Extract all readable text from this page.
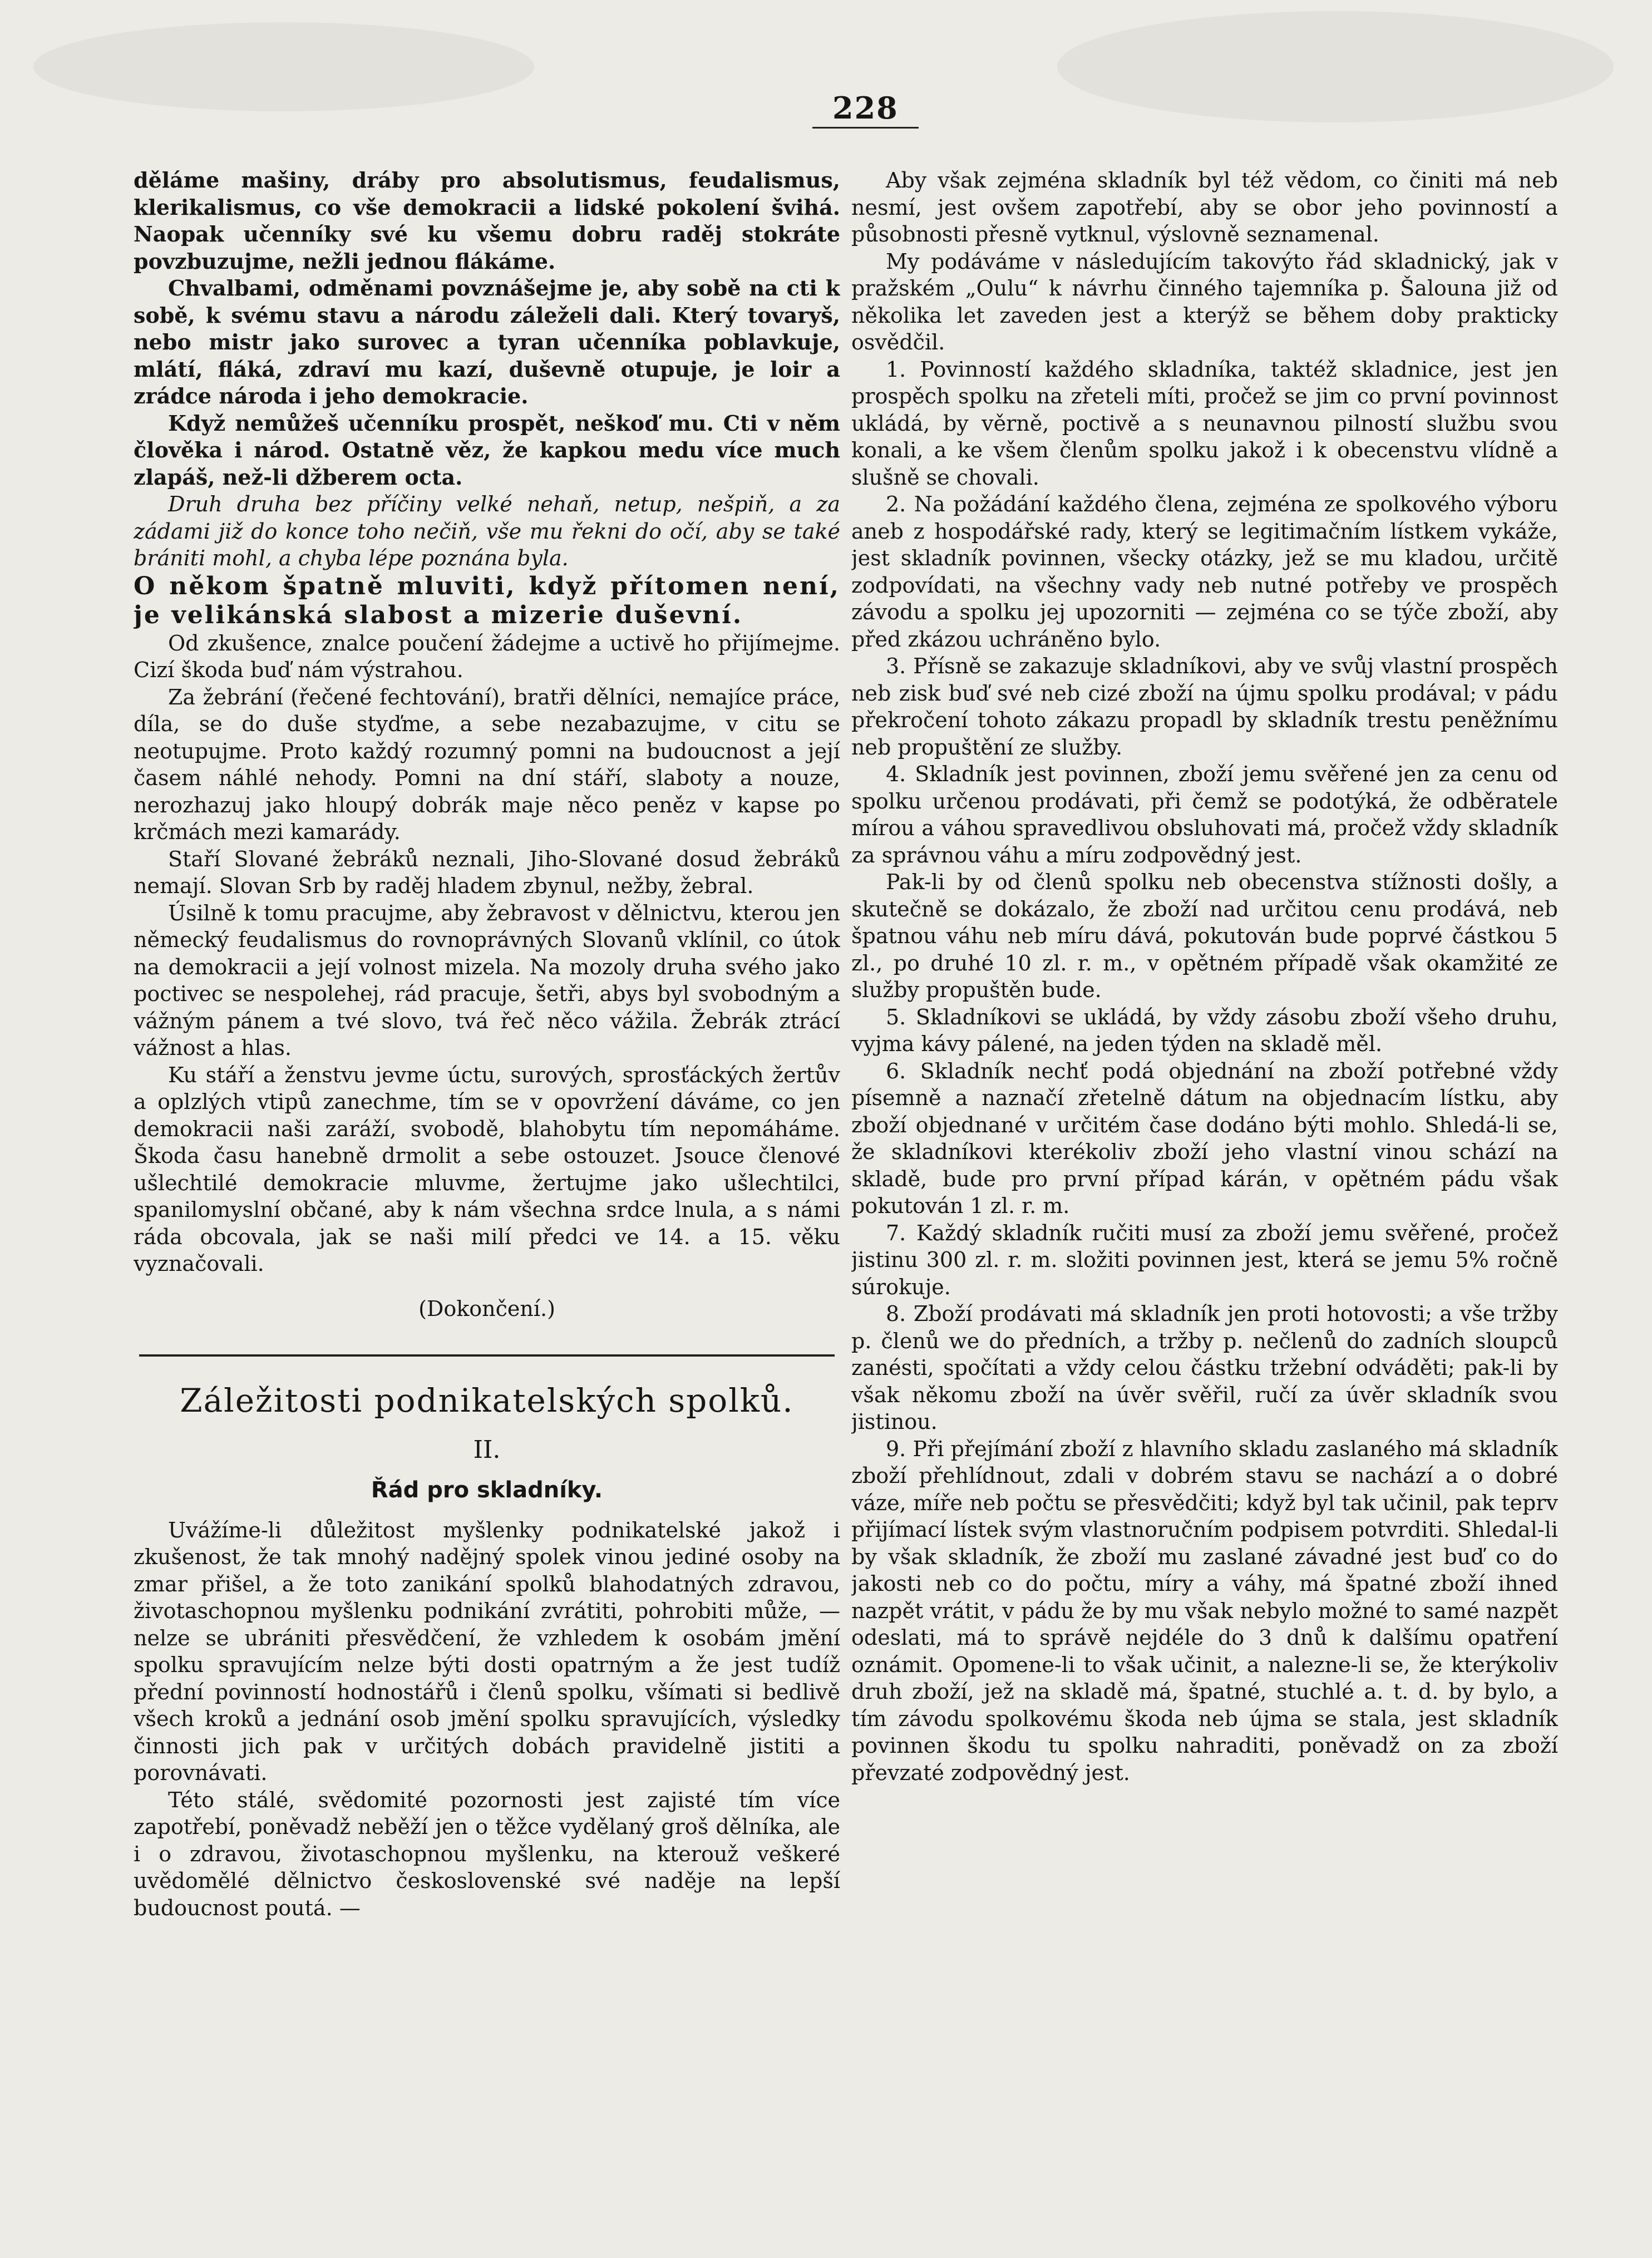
228

děláme mašiny, dráby pro absolutismus, feudalismus, klerikalismus, co vše demokracii a lidské pokolení švihá. Naopak učenníky své ku všemu dobru raděj stokráte povzbuzujme, nežli jednou flákáme.

Chvalbami, odměnami povznášejme je, aby sobě na cti k sobě, k svému stavu a národu záleželi dali. Který tovaryš, nebo mistr jako surovec a tyran učenníka poblavkuje, mlátí, fláká, zdraví mu kazí, duševně otupuje, je loir a zrádce národa i jeho demokracie.

Když nemůžeš učenníku prospět, neškoď mu. Cti v něm člověka i národ. Ostatně věz, že kapkou medu více much zlapáš, než-li džberem octa.

Druh druha bez příčiny velké nehaň, netup, nešpiň, a za zádami již do konce toho nečiň, vše mu řekni do očí, aby se také brániti mohl, a chyba lépe poznána byla.

O někom špatně mluviti, když přítomen není, je velikánská slabost a mizerie duševní.

Od zkušence, znalce poučení žádejme a uctivě ho přijímejme. Cizí škoda buď nám výstrahou.

Za žebrání (řečené fechtování), bratři dělníci, nemajíce práce, díla, se do duše styďme, a sebe nezabazujme, v citu se neotupujme. Proto každý rozumný pomni na budoucnost a její časem náhlé nehody. Pomni na dní stáří, slaboty a nouze, nerozhazuj jako hloupý dobrák maje něco peněz v kapse po krčmách mezi kamarády.

Staří Slované žebráků neznali, Jiho-Slované dosud žebráků nemají. Slovan Srb by raděj hladem zbynul, nežby, žebral.

Úsilně k tomu pracujme, aby žebravost v dělnictvu, kterou jen německý feudalismus do rovnoprávných Slovanů vklínil, co útok na demokracii a její volnost mizela. Na mozoly druha svého jako poctivec se nespolehej, rád pracuje, šetři, abys byl svobodným a vážným pánem a tvé slovo, tvá řeč něco vážila. Žebrák ztrácí vážnost a hlas.

Ku stáří a ženstvu jevme úctu, surových, sprosťáckých žertův a oplzlých vtipů zanechme, tím se v opovržení dáváme, co jen demokracii naši zaráží, svobodě, blahobytu tím nepomáháme. Škoda času hanebně drmolit a sebe ostouzet. Jsouce členové ušlechtilé demokracie mluvme, žertujme jako ušlechtilci, spanilomyslní občané, aby k nám všechna srdce lnula, a s námi ráda obcovala, jak se naši milí předci ve 14. a 15. věku vyznačovali.

(Dokončení.)

Záležitosti podnikatelských spolků.
II.
Řád pro skladníky.

Uvážíme-li důležitost myšlenky podnikatelské jakož i zkušenost, že tak mnohý nadějný spolek vinou jediné osoby na zmar přišel, a že toto zanikání spolků blahodatných zdravou, životaschopnou myšlenku podnikání zvrátiti, pohrobiti může, — nelze se ubrániti přesvědčení, že vzhledem k osobám jmění spolku spravujícím nelze býti dosti opatrným a že jest tudíž přední povinností hodnostářů i členů spolku, všímati si bedlivě všech kroků a jednání osob jmění spolku spravujících, výsledky činnosti jich pak v určitých dobách pravidelně jistiti a porovnávati.

Této stálé, svědomité pozornosti jest zajisté tím více zapotřebí, poněvadž neběží jen o těžce vydělaný groš dělníka, ale i o zdravou, životaschopnou myšlenku, na kterouž veškeré uvědomělé dělnictvo československé své naděje na lepší budoucnost poutá. —

Aby však zejména skladník byl též vědom, co činiti má neb nesmí, jest ovšem zapotřebí, aby se obor jeho povinností a působnosti přesně vytknul, výslovně seznamenal.

My podáváme v následujícím takovýto řád skladnický, jak v pražském „Oulu“ k návrhu činného tajemníka p. Šalouna již od několika let zaveden jest a kterýž se během doby prakticky osvědčil.

1. Povinností každého skladníka, taktéž skladnice, jest jen prospěch spolku na zřeteli míti, pročež se jim co první povinnost ukládá, by věrně, poctivě a s neunavnou pilností službu svou konali, a ke všem členům spolku jakož i k obecenstvu vlídně a slušně se chovali.

2. Na požádání každého člena, zejména ze spolkového výboru aneb z hospodářské rady, který se legitimačním lístkem vykáže, jest skladník povinnen, všecky otázky, jež se mu kladou, určitě zodpovídati, na všechny vady neb nutné potřeby ve prospěch závodu a spolku jej upozorniti — zejména co se týče zboží, aby před zkázou uchráněno bylo.

3. Přísně se zakazuje skladníkovi, aby ve svůj vlastní prospěch neb zisk buď své neb cizé zboží na újmu spolku prodával; v pádu překročení tohoto zákazu propadl by skladník trestu peněžnímu neb propuštění ze služby.

4. Skladník jest povinnen, zboží jemu svěřené jen za cenu od spolku určenou prodávati, při čemž se podotýká, že odběratele mírou a váhou spravedlivou obsluhovati má, pročež vždy skladník za správnou váhu a míru zodpovědný jest.

Pak-li by od členů spolku neb obecenstva stížnosti došly, a skutečně se dokázalo, že zboží nad určitou cenu prodává, neb špatnou váhu neb míru dává, pokutován bude poprvé částkou 5 zl., po druhé 10 zl. r. m., v opětném případě však okamžité ze služby propuštěn bude.

5. Skladníkovi se ukládá, by vždy zásobu zboží všeho druhu, vyjma kávy pálené, na jeden týden na skladě měl.

6. Skladník nechť podá objednání na zboží potřebné vždy písemně a naznačí zřetelně dátum na objednacím lístku, aby zboží objednané v určitém čase dodáno býti mohlo. Shledá-li se, že skladníkovi kterékoliv zboží jeho vlastní vinou schází na skladě, bude pro první případ kárán, v opětném pádu však pokutován 1 zl. r. m.

7. Každý skladník ručiti musí za zboží jemu svěřené, pročež jistinu 300 zl. r. m. složiti povinnen jest, která se jemu 5% ročně súrokuje.

8. Zboží prodávati má skladník jen proti hotovosti; a vše tržby p. členů we do předních, a tržby p. nečlenů do zadních sloupců zanésti, spočítati a vždy celou částku tržební odváděti; pak-li by však někomu zboží na úvěr svěřil, ručí za úvěr skladník svou jistinou.

9. Při přejímání zboží z hlavního skladu zaslaného má skladník zboží přehlídnout, zdali v dobrém stavu se nachází a o dobré váze, míře neb počtu se přesvědčiti; když byl tak učinil, pak teprv přijímací lístek svým vlastnoručním podpisem potvrditi. Shledal-li by však skladník, že zboží mu zaslané závadné jest buď co do jakosti neb co do počtu, míry a váhy, má špatné zboží ihned nazpět vrátit, v pádu že by mu však nebylo možné to samé nazpět odeslati, má to správě nejdéle do 3 dnů k dalšímu opatření oznámit. Opomene-li to však učinit, a nalezne-li se, že kterýkoliv druh zboží, jež na skladě má, špatné, stuchlé a. t. d. by bylo, a tím závodu spolkovému škoda neb újma se stala, jest skladník povinnen škodu tu spolku nahraditi, poněvadž on za zboží převzaté zodpovědný jest.
